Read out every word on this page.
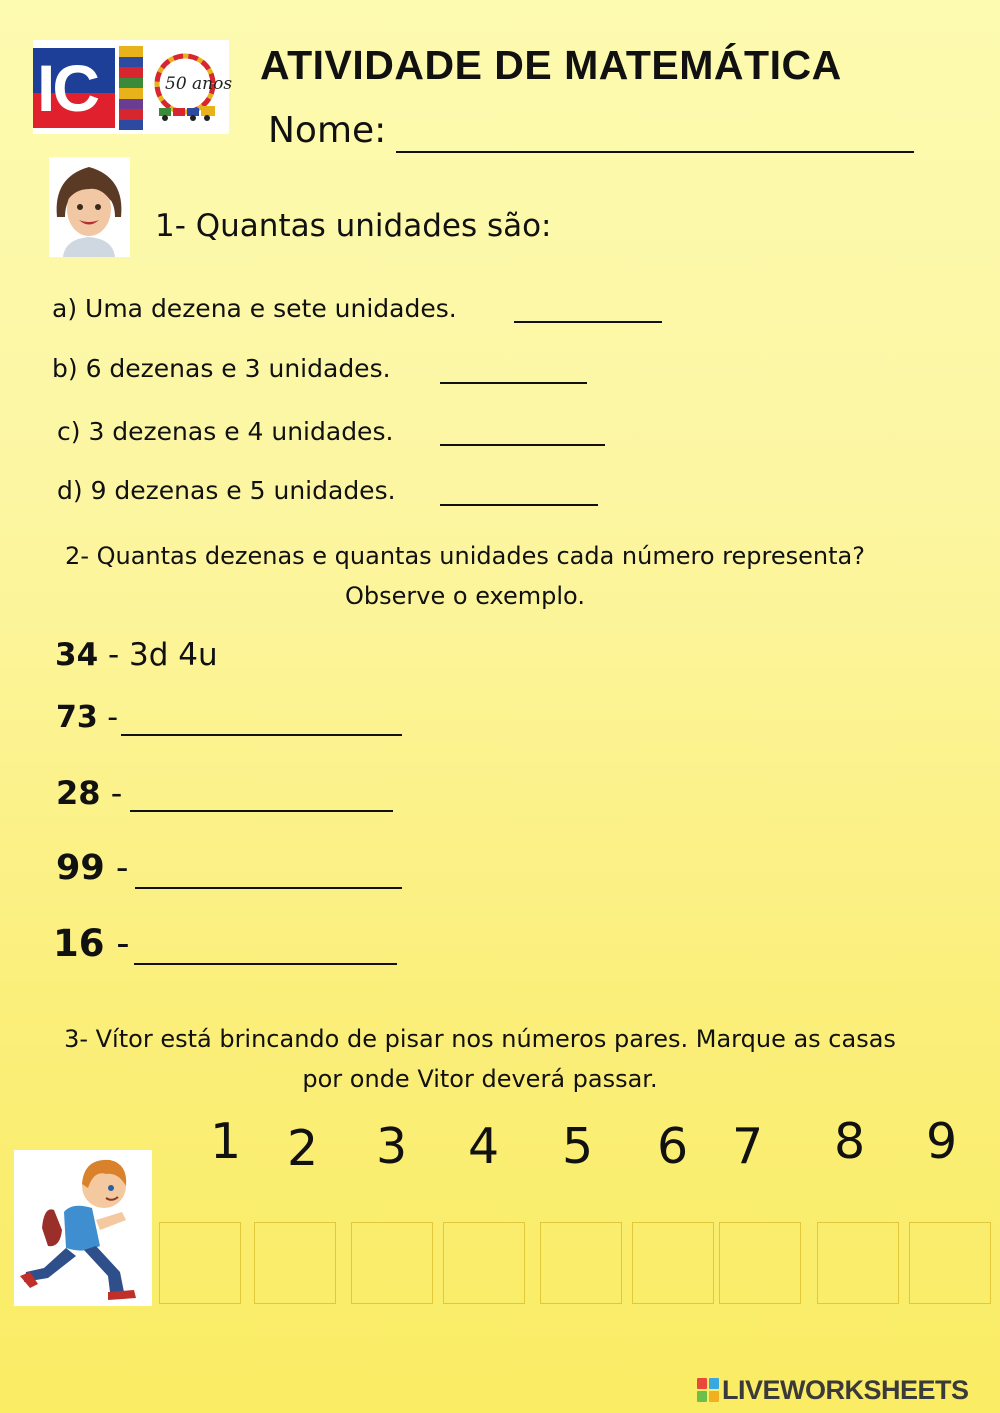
IC	50 anos ATIVIDADE DE MATEMÁTICA
Nome:
1- Quantas unidades são:
a) Uma dezena e sete unidades.
b) 6 dezenas e 3 unidades.
c) 3 dezenas e 4 unidades.
d) 9 dezenas e 5 unidades.
2- Quantas dezenas e quantas unidades cada número representa?
Observe o exemplo.
34 - 3d 4u
73 -
28 -
99 -
16 -
3- Vítor está brincando de pisar nos números pares. Marque as casas
por onde Vitor deverá passar.
1 2 3 4 5 6 7 8 9
LIVEWORKSHEETS
